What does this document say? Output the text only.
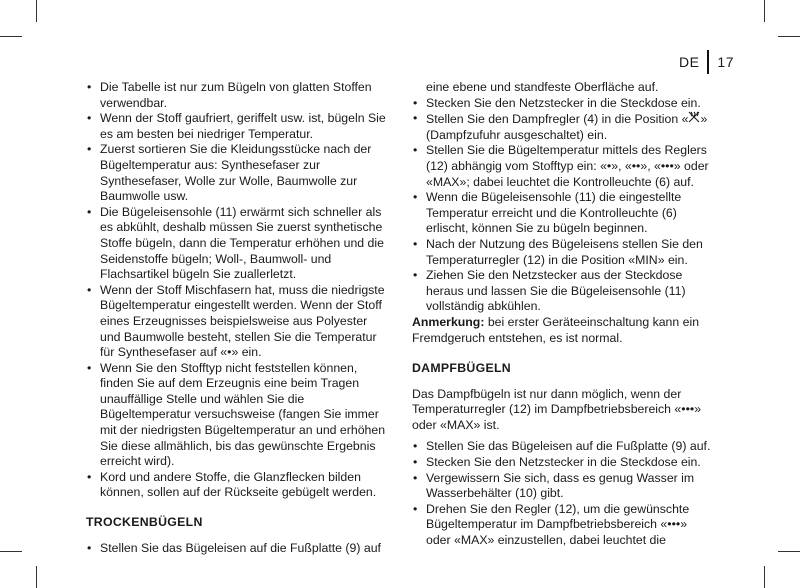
DE 17
• Die Tabelle ist nur zum Bügeln von glatten Stoffen verwendbar.
• Wenn der Stoff gaufriert, geriffelt usw. ist, bügeln Sie es am besten bei niedriger Temperatur.
• Zuerst sortieren Sie die Kleidungsstücke nach der Bügeltemperatur aus: Synthesefaser zur Synthesefaser, Wolle zur Wolle, Baumwolle zur Baumwolle usw.
• Die Bügeleisensohle (11) erwärmt sich schneller als es abkühlt, deshalb müssen Sie zuerst synthetische Stoffe bügeln, dann die Temperatur erhöhen und die Seidenstoffe bügeln; Woll-, Baumwoll- und Flachsartikel bügeln Sie zuallerletzt.
• Wenn der Stoff Mischfasern hat, muss die niedrigste Bügeltemperatur eingestellt werden. Wenn der Stoff eines Erzeugnisses beispielsweise aus Polyester und Baumwolle besteht, stellen Sie die Temperatur für Synthesefaser auf «•» ein.
• Wenn Sie den Stofftyp nicht feststellen können, finden Sie auf dem Erzeugnis eine beim Tragen unauffällige Stelle und wählen Sie die Bügeltemperatur versuchsweise (fangen Sie immer mit der niedrigsten Bügeltemperatur an und erhöhen Sie diese allmählich, bis das gewünschte Ergebnis erreicht wird).
• Kord und andere Stoffe, die Glanzflecken bilden können, sollen auf der Rückseite gebügelt werden.
TROCKENBÜGELN
• Stellen Sie das Bügeleisen auf die Fußplatte (9) auf
eine ebene und standfeste Oberfläche auf.
• Stecken Sie den Netzstecker in die Steckdose ein.
• Stellen Sie den Dampfregler (4) in die Position « » (Dampfzufuhr ausgeschaltet) ein.
• Stellen Sie die Bügeltemperatur mittels des Reglers (12) abhängig vom Stofftyp ein: «•», «••», «•••» oder «MAX»; dabei leuchtet die Kontrolleuchte (6) auf.
• Wenn die Bügeleisensohle (11) die eingestellte Temperatur erreicht und die Kontrolleuchte (6) erlischt, können Sie zu bügeln beginnen.
• Nach der Nutzung des Bügeleisens stellen Sie den Temperaturregler (12) in die Position «MIN» ein.
• Ziehen Sie den Netzstecker aus der Steckdose heraus und lassen Sie die Bügeleisensohle (11) vollständig abkühlen.

Anmerkung: bei erster Geräteeinschaltung kann ein Fremdgeruch entstehen, es ist normal.

DAMPFBÜGELN

Das Dampfbügeln ist nur dann möglich, wenn der Temperaturregler (12) im Dampfbetriebsbereich «•••» oder «MAX» ist.

• Stellen Sie das Bügeleisen auf die Fußplatte (9) auf.
• Stecken Sie den Netzstecker in die Steckdose ein.
• Vergewissern Sie sich, dass es genug Wasser im Wasserbehälter (10) gibt.
• Drehen Sie den Regler (12), um die gewünschte Bügeltemperatur im Dampfbetriebsbereich «•••» oder «MAX» einzustellen, dabei leuchtet die
